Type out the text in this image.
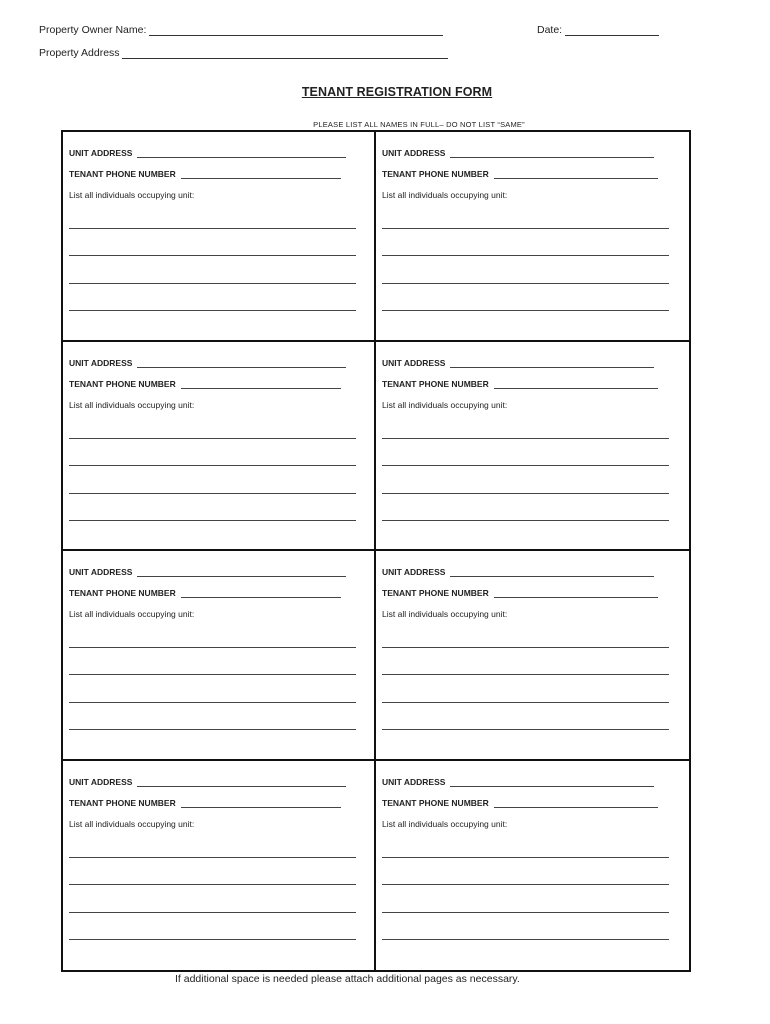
Property Owner Name:	Date:
Property Address
TENANT REGISTRATION FORM
PLEASE LIST ALL NAMES IN FULL– DO NOT LIST “SAME”
UNIT ADDRESS
TENANT PHONE NUMBER
List all individuals occupying unit:
UNIT ADDRESS
TENANT PHONE NUMBER
List all individuals occupying unit:
UNIT ADDRESS
TENANT PHONE NUMBER
List all individuals occupying unit:
UNIT ADDRESS
TENANT PHONE NUMBER
List all individuals occupying unit:
UNIT ADDRESS
TENANT PHONE NUMBER
List all individuals occupying unit:
UNIT ADDRESS
TENANT PHONE NUMBER
List all individuals occupying unit:
UNIT ADDRESS
TENANT PHONE NUMBER
List all individuals occupying unit:
UNIT ADDRESS
TENANT PHONE NUMBER
List all individuals occupying unit:
If additional space is needed please attach additional pages as necessary.
